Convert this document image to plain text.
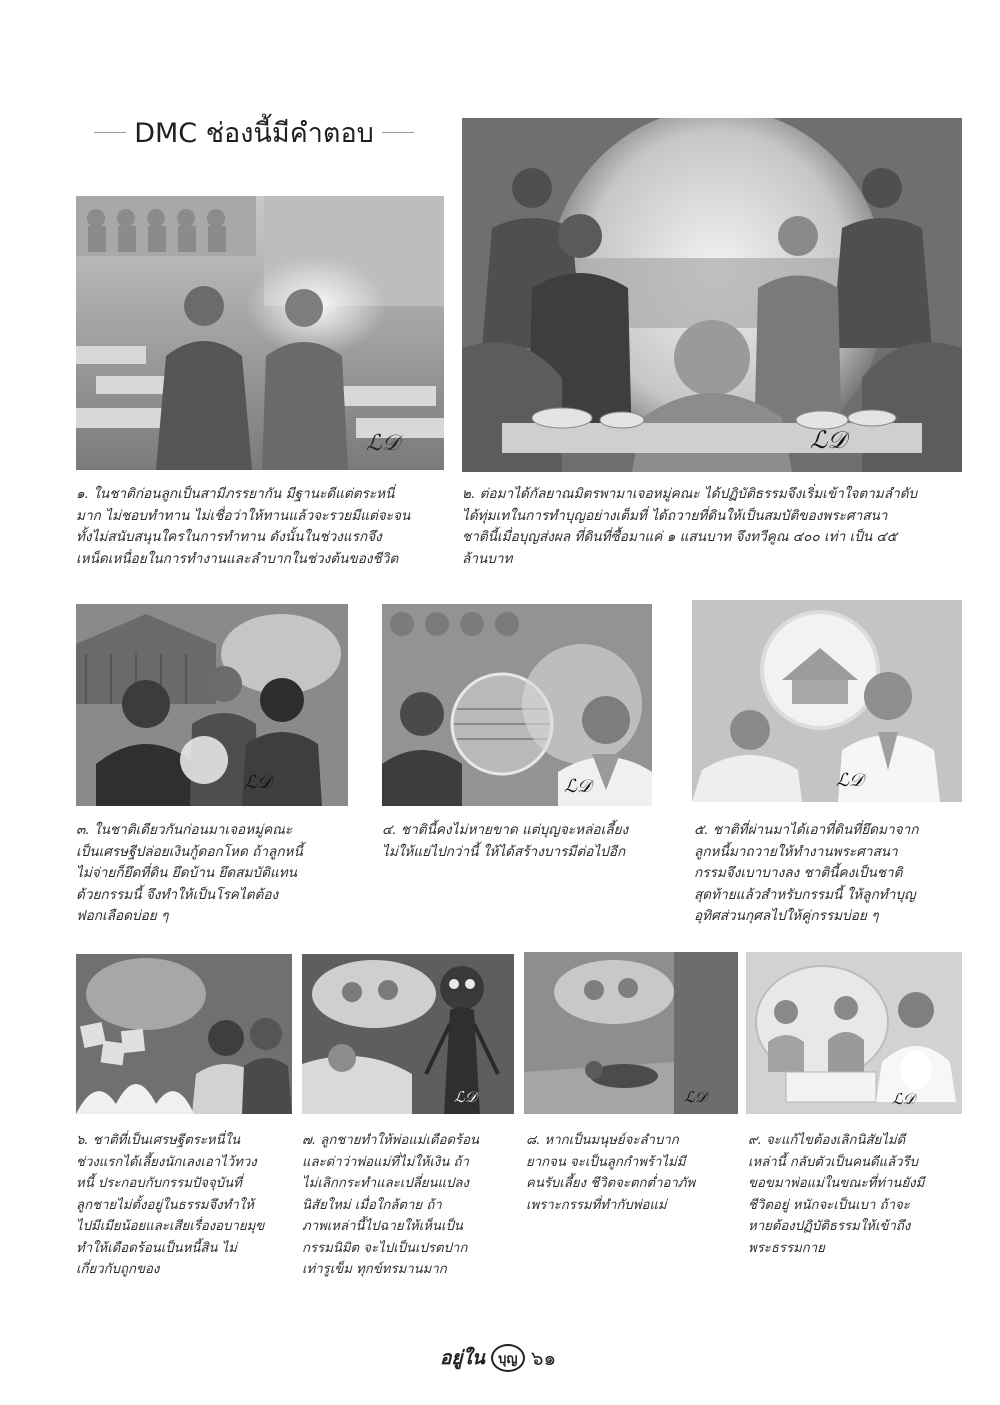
DMC ช่องนี้มีคำตอบ
ℒ𝒟
๑. ในชาติก่อนลูกเป็นสามีภรรยากัน มีฐานะดีแต่ตระหนี่
มาก ไม่ชอบทำทาน ไม่เชื่อว่าให้ทานแล้วจะรวยมีแต่จะจน
ทั้งไม่สนับสนุนใครในการทำทาน ดังนั้นในช่วงแรกจึง
เหน็ดเหนื่อยในการทำงานและลำบากในช่วงต้นของชีวิต
ℒ𝒟
๒. ต่อมาได้กัลยาณมิตรพามาเจอหมู่คณะ ได้ปฏิบัติธรรมจึงเริ่มเข้าใจตามลำดับ
ได้ทุ่มเทในการทำบุญอย่างเต็มที่ ได้ถวายที่ดินให้เป็นสมบัติของพระศาสนา
ชาตินี้เมื่อบุญส่งผล ที่ดินที่ซื้อมาแค่ ๑ แสนบาท จึงทวีคูณ ๔๐๐ เท่า เป็น ๔๕
ล้านบาท
ℒ𝒟
๓. ในชาติเดียวกันก่อนมาเจอหมู่คณะ
เป็นเศรษฐีปล่อยเงินกู้ดอกโหด ถ้าลูกหนี้
ไม่จ่ายก็ยึดที่ดิน ยึดบ้าน ยึดสมบัติแทน
ด้วยกรรมนี้ จึงทำให้เป็นโรคไตต้อง
ฟอกเลือดบ่อย ๆ
ℒ𝒟
๔. ชาตินี้คงไม่หายขาด แต่บุญจะหล่อเลี้ยง
ไม่ให้แย่ไปกว่านี้ ให้ได้สร้างบารมีต่อไปอีก
ℒ𝒟
๕. ชาติที่ผ่านมาได้เอาที่ดินที่ยึดมาจาก
ลูกหนี้มาถวายให้ทำงานพระศาสนา
กรรมจึงเบาบางลง ชาตินี้คงเป็นชาติ
สุดท้ายแล้วสำหรับกรรมนี้ ให้ลูกทำบุญ
อุทิศส่วนกุศลไปให้คู่กรรมบ่อย ๆ
๖. ชาติที่เป็นเศรษฐีตระหนี่ใน
ช่วงแรกได้เลี้ยงนักเลงเอาไว้ทวง
หนี้ ประกอบกับกรรมปัจจุบันที่
ลูกชายไม่ตั้งอยู่ในธรรมจึงทำให้
ไปมีเมียน้อยและเสียเรื่องอบายมุข
ทำให้เดือดร้อนเป็นหนี้สิน ไม่
เกี่ยวกับถูกของ
ℒ𝒟
๗. ลูกชายทำให้พ่อแม่เดือดร้อน
และด่าว่าพ่อแม่ที่ไม่ให้เงิน ถ้า
ไม่เลิกกระทำและเปลี่ยนแปลง
นิสัยใหม่ เมื่อใกล้ตาย ถ้า
ภาพเหล่านี้ไปฉายให้เห็นเป็น
กรรมนิมิต จะไปเป็นเปรตปาก
เท่ารูเข็ม ทุกข์ทรมานมาก
ℒ𝒟
๘. หากเป็นมนุษย์จะลำบาก
ยากจน จะเป็นลูกกำพร้าไม่มี
คนรับเลี้ยง ชีวิตจะตกต่ำอาภัพ
เพราะกรรมที่ทำกับพ่อแม่
ℒ𝒟
๙. จะแก้ไขต้องเลิกนิสัยไม่ดี
เหล่านี้ กลับตัวเป็นคนดีแล้วรีบ
ขอขมาพ่อแม่ในขณะที่ท่านยังมี
ชีวิตอยู่ หนักจะเป็นเบา ถ้าจะ
หายต้องปฏิบัติธรรมให้เข้าถึง
พระธรรมกาย
อยู่ใน	บุญ ๖๑
